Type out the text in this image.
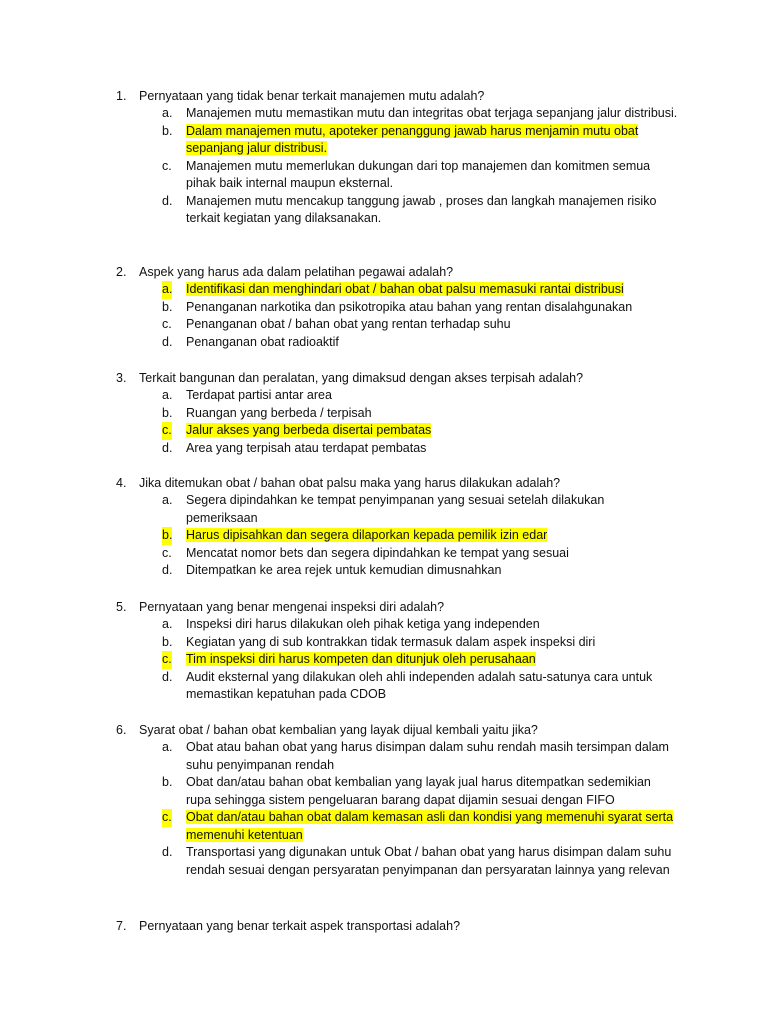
1. Pernyataan yang tidak benar terkait manajemen mutu adalah?
a. Manajemen mutu memastikan mutu dan integritas obat terjaga sepanjang jalur distribusi.
b. Dalam manajemen mutu, apoteker penanggung jawab harus menjamin mutu obat sepanjang jalur distribusi.
c. Manajemen mutu memerlukan dukungan dari top manajemen dan komitmen semua pihak baik internal maupun eksternal.
d. Manajemen mutu mencakup tanggung jawab , proses dan langkah manajemen risiko terkait kegiatan yang dilaksanakan.
2. Aspek yang harus ada dalam pelatihan pegawai adalah?
a. Identifikasi dan menghindari obat / bahan obat palsu memasuki rantai distribusi
b. Penanganan narkotika dan psikotropika atau bahan yang rentan disalahgunakan
c. Penanganan obat / bahan obat yang rentan terhadap suhu
d. Penanganan obat radioaktif
3. Terkait bangunan dan peralatan, yang dimaksud dengan akses terpisah adalah?
a. Terdapat partisi antar area
b. Ruangan yang berbeda / terpisah
c. Jalur akses yang berbeda disertai pembatas
d. Area yang terpisah atau terdapat pembatas
4. Jika ditemukan obat / bahan obat palsu maka yang harus dilakukan adalah?
a. Segera dipindahkan ke tempat penyimpanan yang sesuai setelah dilakukan pemeriksaan
b. Harus dipisahkan dan segera dilaporkan kepada pemilik izin edar
c. Mencatat nomor bets dan segera dipindahkan ke tempat yang sesuai
d. Ditempatkan ke area rejek untuk kemudian dimusnahkan
5. Pernyataan yang benar mengenai inspeksi diri adalah?
a. Inspeksi diri harus dilakukan oleh pihak ketiga yang independen
b. Kegiatan yang di sub kontrakkan tidak termasuk dalam aspek inspeksi diri
c. Tim inspeksi diri harus kompeten dan ditunjuk oleh perusahaan
d. Audit eksternal yang dilakukan oleh ahli independen adalah satu-satunya cara untuk memastikan kepatuhan pada CDOB
6. Syarat obat / bahan obat kembalian yang layak dijual kembali yaitu jika?
a. Obat atau bahan obat yang harus disimpan dalam suhu rendah masih tersimpan dalam suhu penyimpanan rendah
b. Obat dan/atau bahan obat kembalian yang layak jual harus ditempatkan sedemikian rupa sehingga sistem pengeluaran barang dapat dijamin sesuai dengan FIFO
c. Obat dan/atau bahan obat dalam kemasan asli dan kondisi yang memenuhi syarat serta memenuhi ketentuan
d. Transportasi yang digunakan untuk Obat / bahan obat yang harus disimpan dalam suhu rendah sesuai dengan persyaratan penyimpanan dan persyaratan lainnya yang relevan
7. Pernyataan yang benar terkait aspek transportasi adalah?
